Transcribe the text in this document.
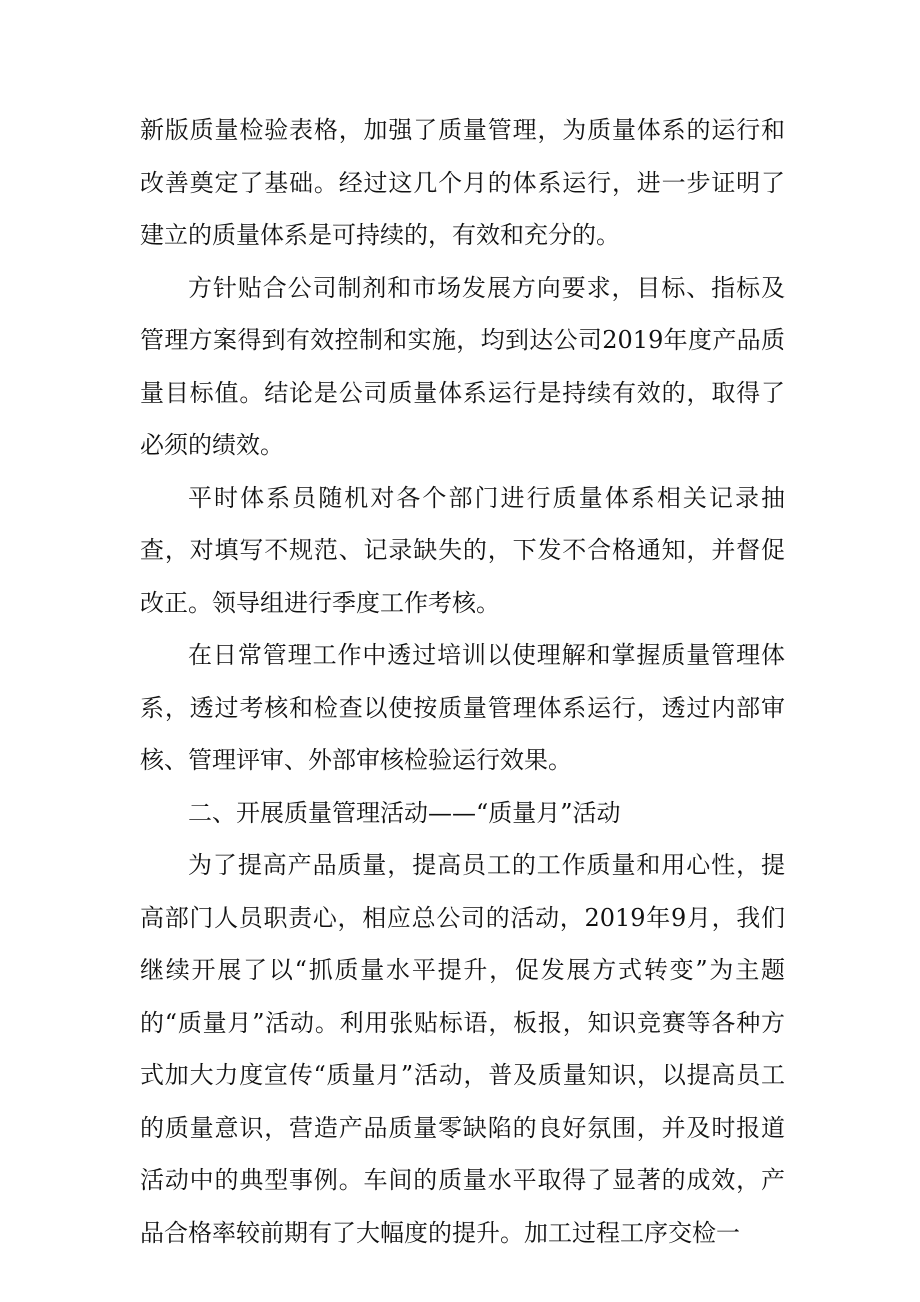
新版质量检验表格，加强了质量管理，为质量体系的运行和改善奠定了基础。经过这几个月的体系运行，进一步证明了建立的质量体系是可持续的，有效和充分的。

方针贴合公司制剂和市场发展方向要求，目标、指标及管理方案得到有效控制和实施，均到达公司2019年度产品质量目标值。结论是公司质量体系运行是持续有效的，取得了必须的绩效。

平时体系员随机对各个部门进行质量体系相关记录抽查，对填写不规范、记录缺失的，下发不合格通知，并督促改正。领导组进行季度工作考核。

在日常管理工作中透过培训以使理解和掌握质量管理体系，透过考核和检查以使按质量管理体系运行，透过内部审核、管理评审、外部审核检验运行效果。

二、开展质量管理活动——“质量月”活动

为了提高产品质量，提高员工的工作质量和用心性，提高部门人员职责心，相应总公司的活动，2019年9月，我们继续开展了以“抓质量水平提升，促发展方式转变”为主题的“质量月”活动。利用张贴标语，板报，知识竞赛等各种方式加大力度宣传“质量月”活动，普及质量知识，以提高员工的质量意识，营造产品质量零缺陷的良好氛围，并及时报道活动中的典型事例。车间的质量水平取得了显著的成效，产品合格率较前期有了大幅度的提升。加工过程工序交检一
